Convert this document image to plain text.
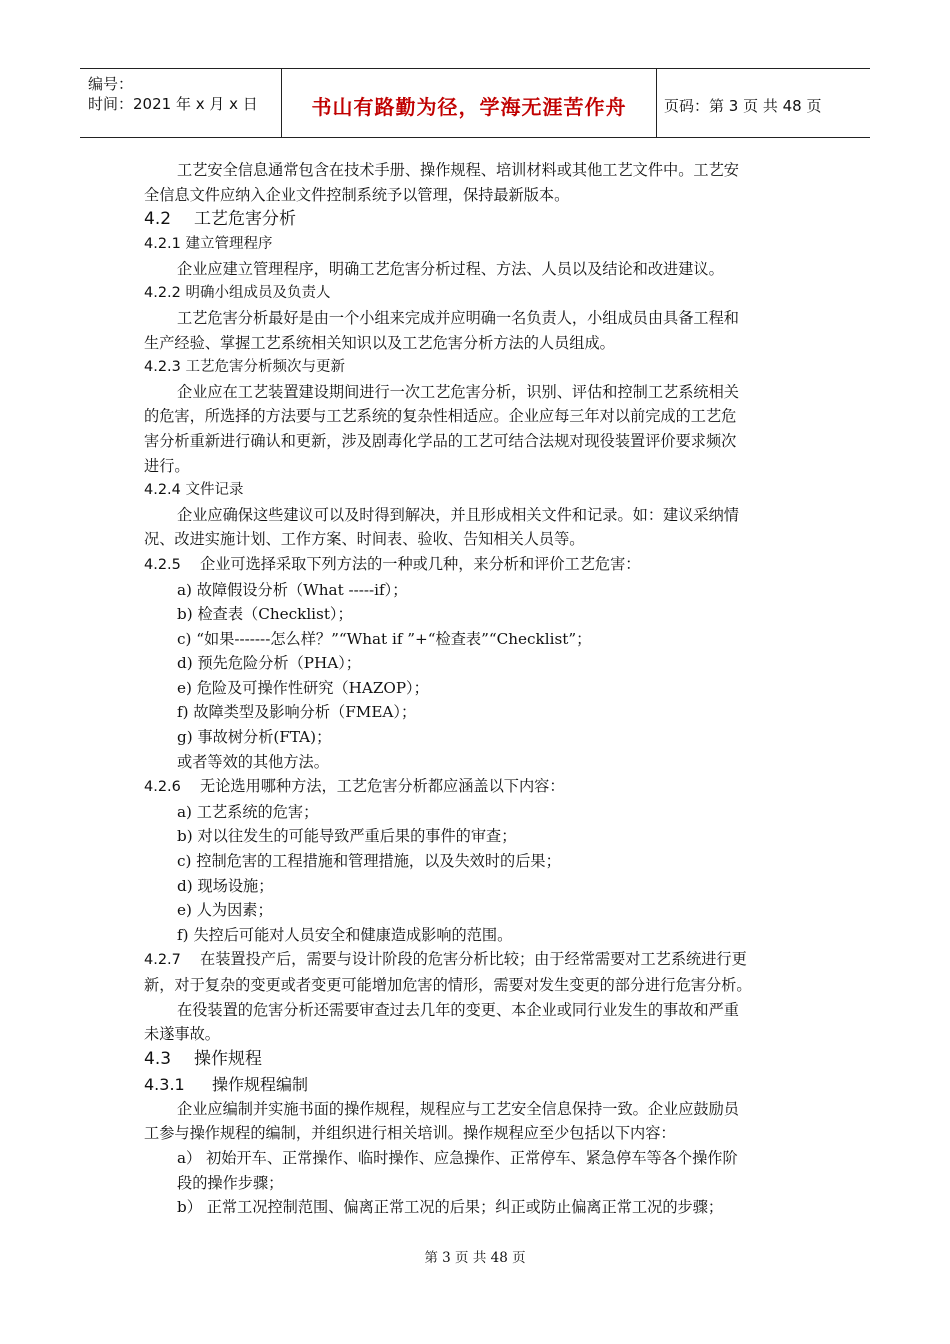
编号：
时间：2021 年 x 月 x 日	书山有路勤为径，学海无涯苦作舟	页码：第 3 页 共 48 页
工艺安全信息通常包含在技术手册、操作规程、培训材料或其他工艺文件中。工艺安
全信息文件应纳入企业文件控制系统予以管理，保持最新版本。
4.2 工艺危害分析
4.2.1 建立管理程序
企业应建立管理程序，明确工艺危害分析过程、方法、人员以及结论和改进建议。
4.2.2 明确小组成员及负责人
工艺危害分析最好是由一个小组来完成并应明确一名负责人，小组成员由具备工程和
生产经验、掌握工艺系统相关知识以及工艺危害分析方法的人员组成。
4.2.3 工艺危害分析频次与更新
企业应在工艺装置建设期间进行一次工艺危害分析，识别、评估和控制工艺系统相关
的危害，所选择的方法要与工艺系统的复杂性相适应。企业应每三年对以前完成的工艺危
害分析重新进行确认和更新，涉及剧毒化学品的工艺可结合法规对现役装置评价要求频次
进行。
4.2.4 文件记录
企业应确保这些建议可以及时得到解决，并且形成相关文件和记录。如：建议采纳情
况、改进实施计划、工作方案、时间表、验收、告知相关人员等。
4.2.5 企业可选择采取下列方法的一种或几种，来分析和评价工艺危害：
a) 故障假设分析（What -----if）；
b) 检查表（Checklist）；
c) “如果-------怎么样？”“What if ”+“检查表”“Checklist”；
d) 预先危险分析（PHA）；
e) 危险及可操作性研究（HAZOP）；
f) 故障类型及影响分析（FMEA）；
g) 事故树分析(FTA)；
或者等效的其他方法。
4.2.6 无论选用哪种方法，工艺危害分析都应涵盖以下内容：
a) 工艺系统的危害；
b) 对以往发生的可能导致严重后果的事件的审查；
c) 控制危害的工程措施和管理措施，以及失效时的后果；
d) 现场设施；
e) 人为因素；
f) 失控后可能对人员安全和健康造成影响的范围。
4.2.7 在装置投产后，需要与设计阶段的危害分析比较；由于经常需要对工艺系统进行更
新，对于复杂的变更或者变更可能增加危害的情形，需要对发生变更的部分进行危害分析。
在役装置的危害分析还需要审查过去几年的变更、本企业或同行业发生的事故和严重
未遂事故。
4.3 操作规程
4.3.1 操作规程编制
企业应编制并实施书面的操作规程，规程应与工艺安全信息保持一致。企业应鼓励员
工参与操作规程的编制，并组织进行相关培训。操作规程应至少包括以下内容：
a） 初始开车、正常操作、临时操作、应急操作、正常停车、紧急停车等各个操作阶
段的操作步骤；
b） 正常工况控制范围、偏离正常工况的后果；纠正或防止偏离正常工况的步骤；
第 3 页 共 48 页
